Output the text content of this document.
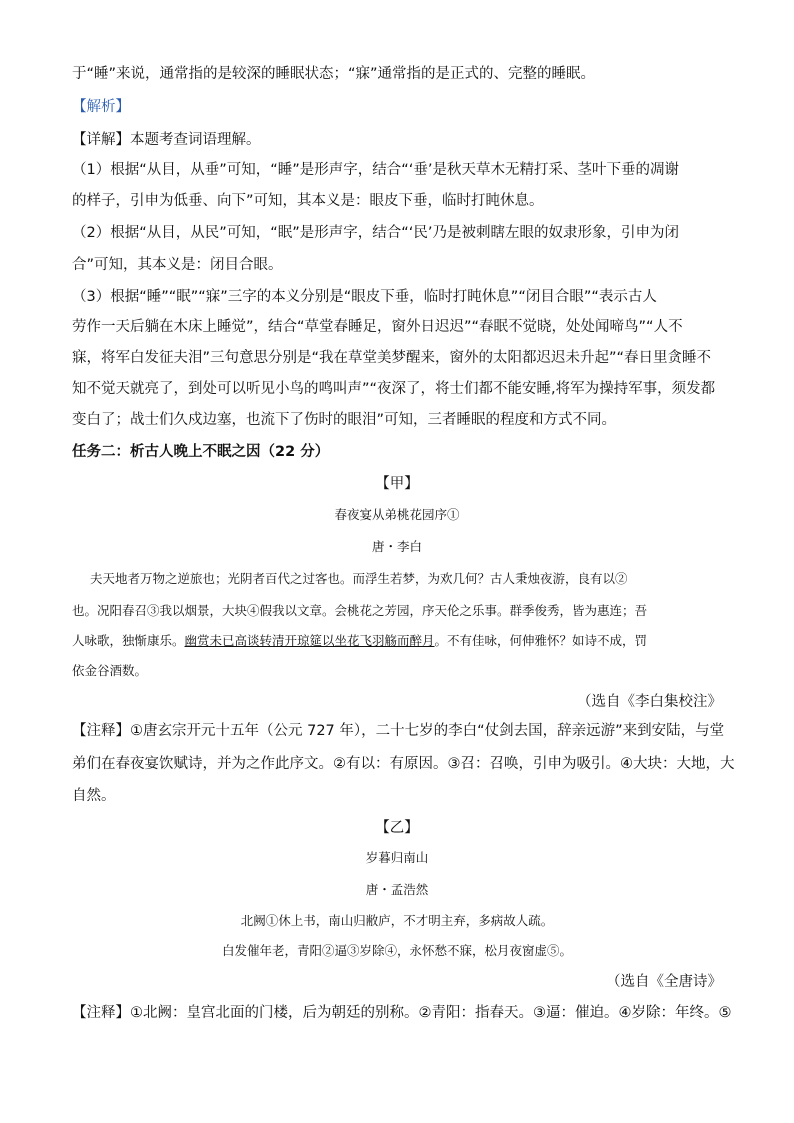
于“睡”来说，通常指的是较深的睡眠状态；“寐”通常指的是正式的、完整的睡眠。
【解析】
【详解】本题考查词语理解。
（1）根据“从目，从垂”可知，“睡”是形声字，结合“‘垂’是秋天草木无精打采、茎叶下垂的凋谢
的样子，引申为低垂、向下”可知，其本义是：眼皮下垂，临时打盹休息。
（2）根据“从目，从民”可知，“眠”是形声字，结合“‘民’乃是被刺瞎左眼的奴隶形象，引申为闭
合”可知，其本义是：闭目合眼。
（3）根据“睡”“眠”“寐”三字的本义分别是“眼皮下垂，临时打盹休息”“闭目合眼”“表示古人
劳作一天后躺在木床上睡觉”，结合“草堂春睡足，窗外日迟迟”“春眠不觉晓，处处闻啼鸟”“人不
寐，将军白发征夫泪”三句意思分别是“我在草堂美梦醒来，窗外的太阳都迟迟未升起”“春日里贪睡不
知不觉天就亮了，到处可以听见小鸟的鸣叫声”“夜深了，将士们都不能安睡,将军为操持军事，须发都
变白了；战士们久戍边塞，也流下了伤时的眼泪”可知，三者睡眠的程度和方式不同。
任务二：析古人晚上不眠之因（22 分）
【甲】
春夜宴从弟桃花园序①
唐・李白
夫天地者万物之逆旅也；光阴者百代之过客也。而浮生若梦，为欢几何？古人秉烛夜游，良有以②
也。况阳春召③我以烟景，大块④假我以文章。会桃花之芳园，序天伦之乐事。群季俊秀，皆为惠连；吾
人咏歌，独惭康乐。幽赏未已高谈转清开琼筵以坐花飞羽觞而醉月。不有佳咏，何伸雅怀？如诗不成，罚
依金谷酒数。
（选自《李白集校注》
【注释】①唐玄宗开元十五年（公元 727 年），二十七岁的李白“仗剑去国，辞亲远游”来到安陆，与堂
弟们在春夜宴饮赋诗，并为之作此序文。②有以：有原因。③召：召唤，引申为吸引。④大块：大地，大
自然。
【乙】
岁暮归南山
唐・孟浩然
北阙①休上书，南山归敝庐，不才明主弃，多病故人疏。
白发催年老，青阳②逼③岁除④，永怀愁不寐，松月夜窗虚⑤。
（选自《全唐诗》
【注释】①北阙：皇宫北面的门楼，后为朝廷的别称。②青阳：指春天。③逼：催迫。④岁除：年终。⑤
